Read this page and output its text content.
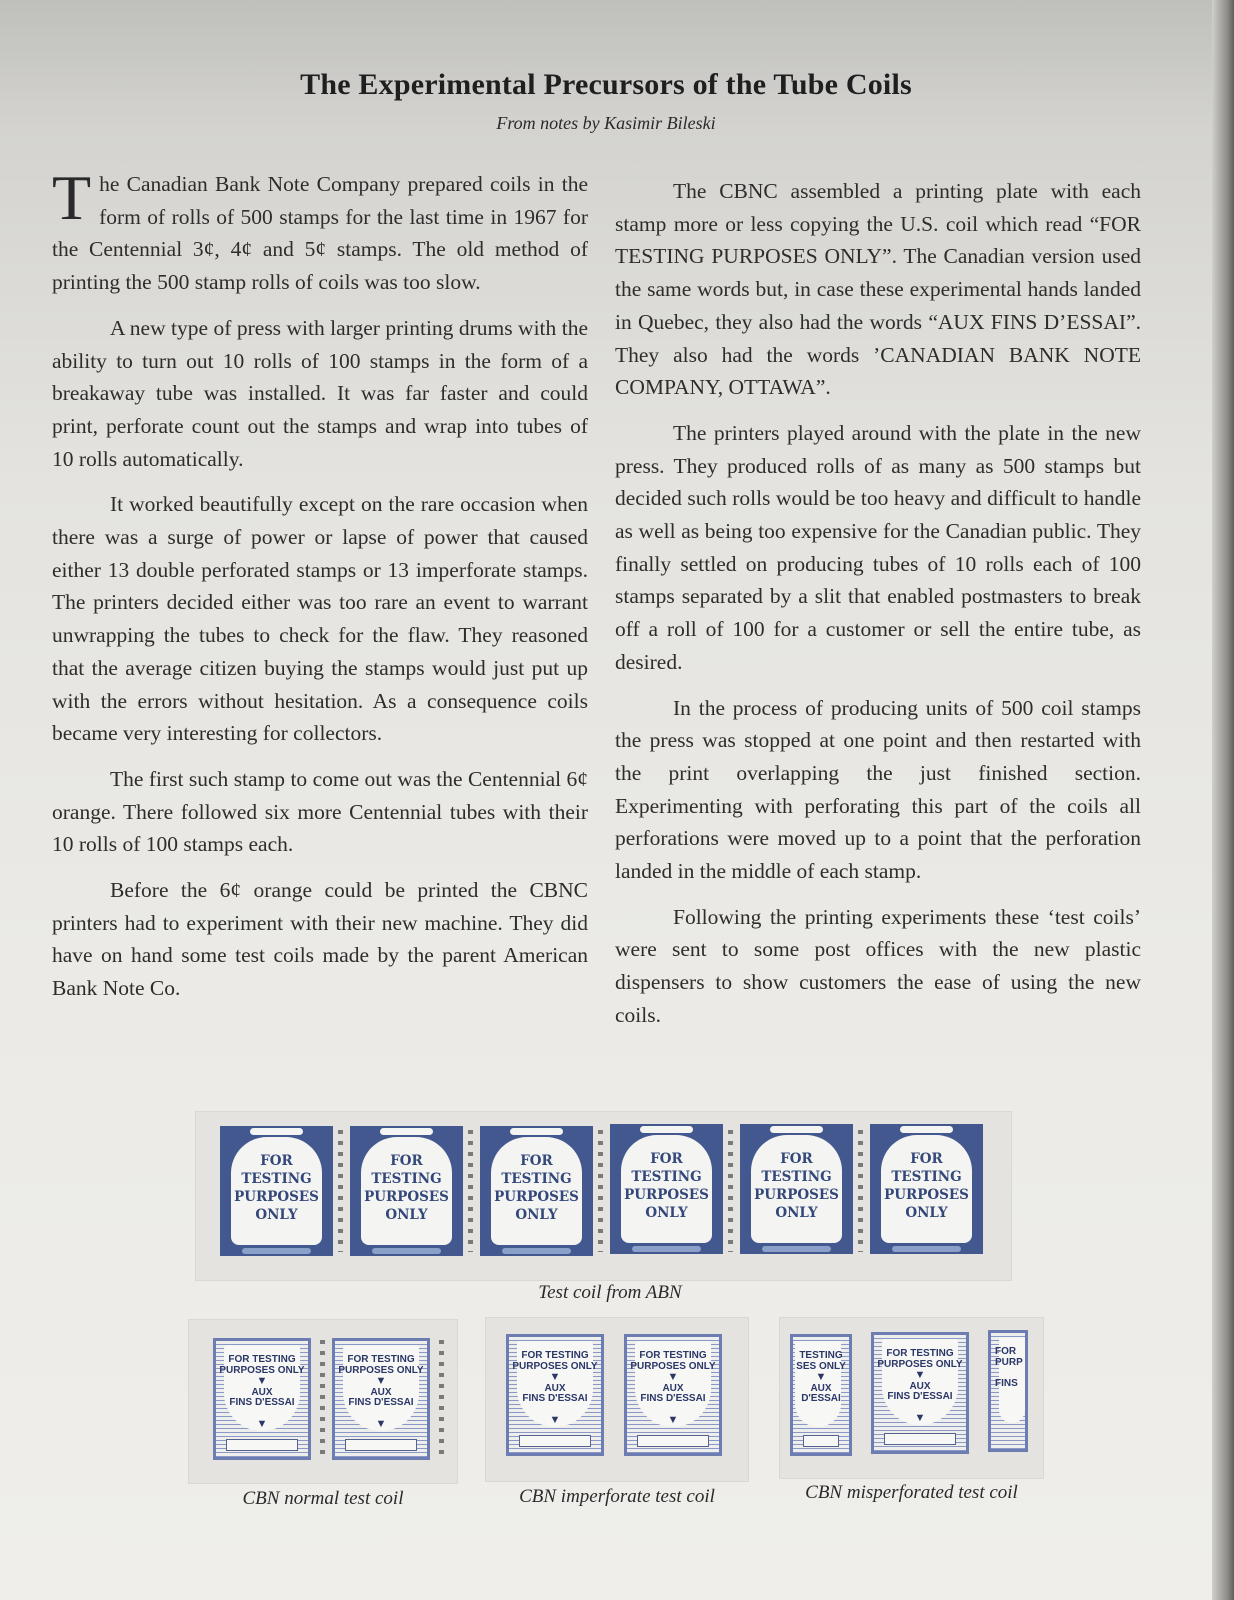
The Experimental Precursors of the Tube Coils
From notes by Kasimir Bileski

The Canadian Bank Note Company prepared coils in the form of rolls of 500 stamps for the last time in 1967 for the Centennial 3¢, 4¢ and 5¢ stamps. The old method of printing the 500 stamp rolls of coils was too slow.

A new type of press with larger printing drums with the ability to turn out 10 rolls of 100 stamps in the form of a breakaway tube was installed. It was far faster and could print, perforate count out the stamps and wrap into tubes of 10 rolls automatically.

It worked beautifully except on the rare occasion when there was a surge of power or lapse of power that caused either 13 double perforated stamps or 13 imperforate stamps. The printers decided either was too rare an event to warrant unwrapping the tubes to check for the flaw. They reasoned that the average citizen buying the stamps would just put up with the errors without hesitation. As a consequence coils became very interesting for collectors.

The first such stamp to come out was the Centennial 6¢ orange. There followed six more Centennial tubes with their 10 rolls of 100 stamps each.

Before the 6¢ orange could be printed the CBNC printers had to experiment with their new machine. They did have on hand some test coils made by the parent American Bank Note Co.

The CBNC assembled a printing plate with each stamp more or less copying the U.S. coil which read “FOR TESTING PURPOSES ONLY”. The Canadian version used the same words but, in case these experimental hands landed in Quebec, they also had the words “AUX FINS D’ESSAI”. They also had the words ’CANADIAN BANK NOTE COMPANY, OTTAWA”.

The printers played around with the plate in the new press. They produced rolls of as many as 500 stamps but decided such rolls would be too heavy and difficult to handle as well as being too expensive for the Canadian public. They finally settled on producing tubes of 10 rolls each of 100 stamps separated by a slit that enabled postmasters to break off a roll of 100 for a customer or sell the entire tube, as desired.

In the process of producing units of 500 coil stamps the press was stopped at one point and then restarted with the print overlapping the just finished section. Experimenting with perforating this part of the coils all perforations were moved up to a point that the perforation landed in the middle of each stamp.

Following the printing experiments these ‘test coils’ were sent to some post offices with the new plastic dispensers to show customers the ease of using the new coils.

FOR
TESTING
PURPOSES
ONLY
FOR
TESTING
PURPOSES
ONLY
FOR
TESTING
PURPOSES
ONLY
FOR
TESTING
PURPOSES
ONLY
FOR
TESTING
PURPOSES
ONLY
FOR
TESTING
PURPOSES
ONLY
Test coil from ABN
FOR TESTING
PURPOSES ONLY
▼
AUX
FINS D'ESSAI

▼
FOR TESTING
PURPOSES ONLY
▼
AUX
FINS D'ESSAI

▼
CBN normal test coil
FOR TESTING
PURPOSES ONLY
▼
AUX
FINS D'ESSAI

▼
FOR TESTING
PURPOSES ONLY
▼
AUX
FINS D'ESSAI

▼
CBN imperforate test coil
TESTING
SES ONLY
▼
AUX
D'ESSAI
FOR TESTING
PURPOSES ONLY
▼
AUX
FINS D'ESSAI

▼
FOR
PURP

FINS
CBN misperforated test coil
